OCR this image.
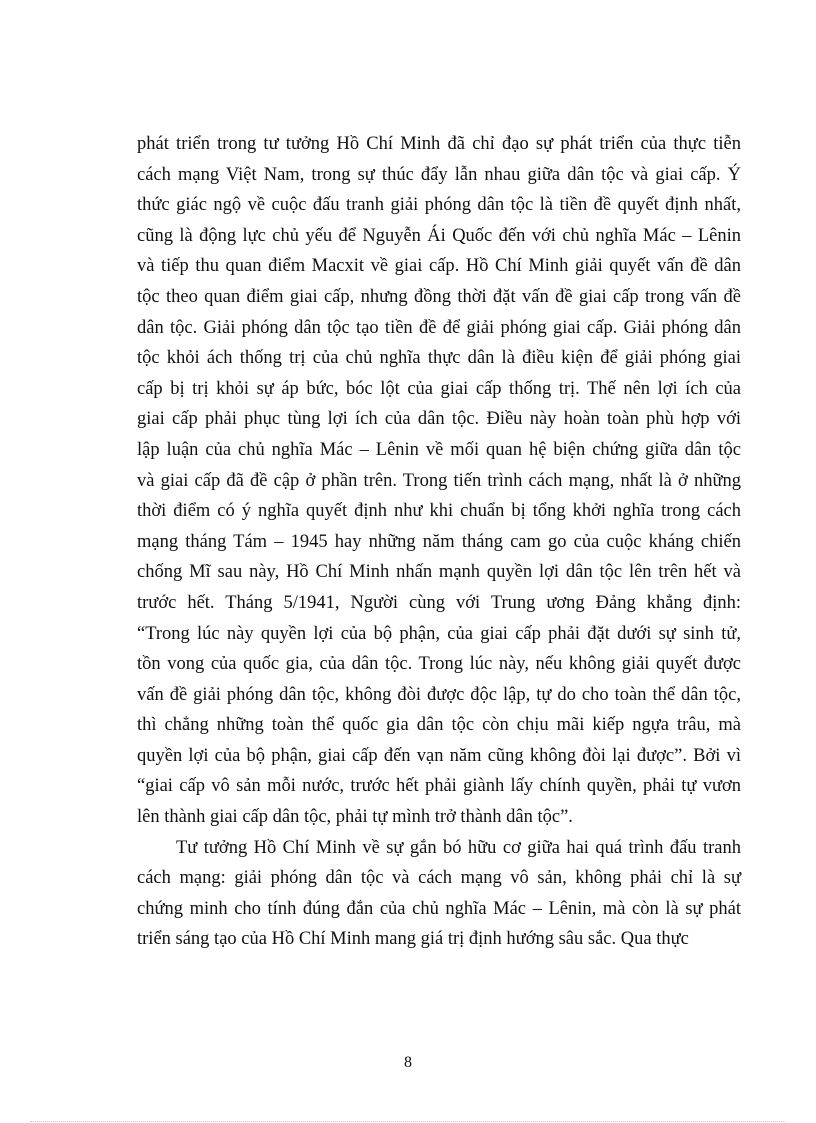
phát triển trong tư tưởng Hồ Chí Minh đã chỉ đạo sự phát triển của thực tiễn
cách mạng Việt Nam, trong sự thúc đẩy lẫn nhau giữa dân tộc và giai cấp. Ý
thức giác ngộ về cuộc đấu tranh giải phóng dân tộc là tiền đề quyết định nhất,
cũng là động lực chủ yếu để Nguyễn Ái Quốc đến với chủ nghĩa Mác – Lênin
và tiếp thu quan điểm Macxit về giai cấp. Hồ Chí Minh giải quyết vấn đề dân
tộc theo quan điểm giai cấp, nhưng đồng thời đặt vấn đề giai cấp trong vấn đề
dân tộc. Giải phóng dân tộc tạo tiền đề để giải phóng giai cấp. Giải phóng dân
tộc khỏi ách thống trị của chủ nghĩa thực dân là điều kiện để giải phóng giai
cấp bị trị khỏi sự áp bức, bóc lột của giai cấp thống trị. Thế nên lợi ích của
giai cấp phải phục tùng lợi ích của dân tộc. Điều này hoàn toàn phù hợp với
lập luận của chủ nghĩa Mác – Lênin về mối quan hệ biện chứng giữa dân tộc
và giai cấp đã đề cập ở phần trên. Trong tiến trình cách mạng, nhất là ở những
thời điểm có ý nghĩa quyết định như khi chuẩn bị tổng khởi nghĩa trong cách
mạng tháng Tám – 1945 hay những năm tháng cam go của cuộc kháng chiến
chống Mĩ sau này, Hồ Chí Minh nhấn mạnh quyền lợi dân tộc lên trên hết và
trước hết. Tháng 5/1941, Người cùng với Trung ương Đảng khẳng định:
“Trong lúc này quyền lợi của bộ phận, của giai cấp phải đặt dưới sự sinh tử,
tồn vong của quốc gia, của dân tộc. Trong lúc này, nếu không giải quyết được
vấn đề giải phóng dân tộc, không đòi được độc lập, tự do cho toàn thể dân tộc,
thì chẳng những toàn thể quốc gia dân tộc còn chịu mãi kiếp ngựa trâu, mà
quyền lợi của bộ phận, giai cấp đến vạn năm cũng không đòi lại được”. Bởi vì
“giai cấp vô sản mỗi nước, trước hết phải giành lấy chính quyền, phải tự vươn
lên thành giai cấp dân tộc, phải tự mình trở thành dân tộc”.
Tư tưởng Hồ Chí Minh về sự gắn bó hữu cơ giữa hai quá trình đấu tranh
cách mạng: giải phóng dân tộc và cách mạng vô sản, không phải chỉ là sự
chứng minh cho tính đúng đắn của chủ nghĩa Mác – Lênin, mà còn là sự phát
triển sáng tạo của Hồ Chí Minh mang giá trị định hướng sâu sắc. Qua thực
8
